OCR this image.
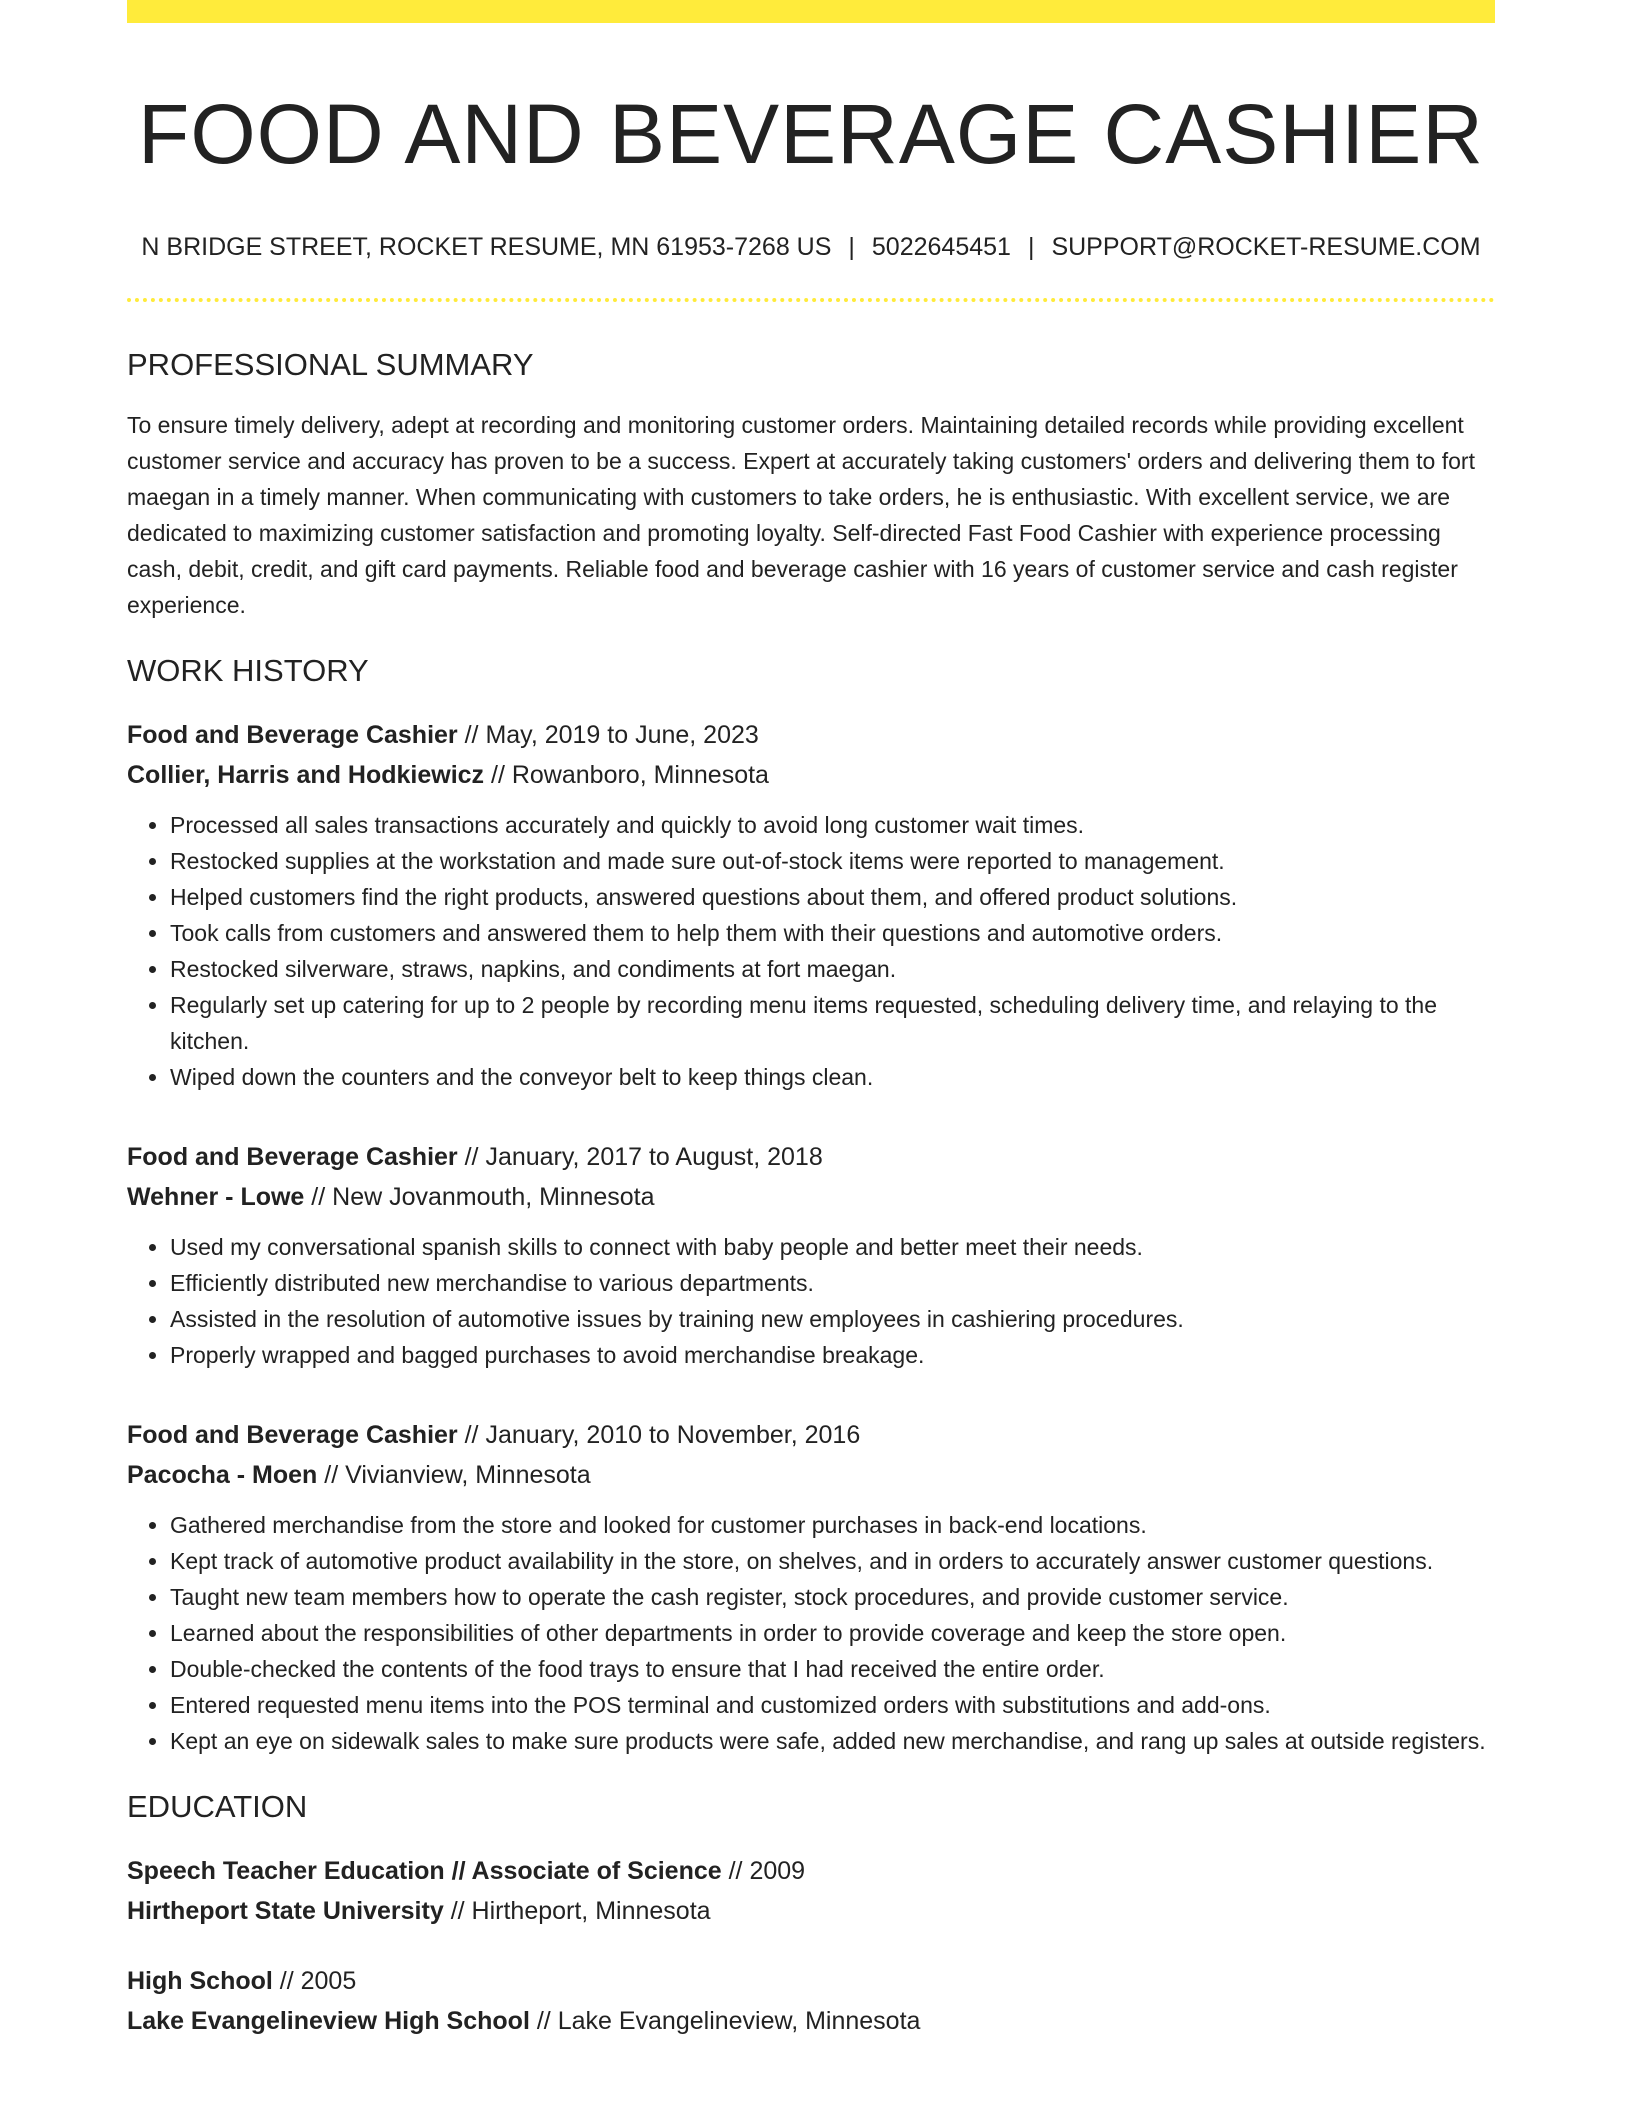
FOOD AND BEVERAGE CASHIER
N BRIDGE STREET, ROCKET RESUME, MN 61953-7268 US | 5022645451 | SUPPORT@ROCKET-RESUME.COM
PROFESSIONAL SUMMARY

To ensure timely delivery, adept at recording and monitoring customer orders. Maintaining detailed records while providing excellent customer service and accuracy has proven to be a success. Expert at accurately taking customers' orders and delivering them to fort maegan in a timely manner. When communicating with customers to take orders, he is enthusiastic. With excellent service, we are dedicated to maximizing customer satisfaction and promoting loyalty. Self-directed Fast Food Cashier with experience processing cash, debit, credit, and gift card payments. Reliable food and beverage cashier with 16 years of customer service and cash register experience.

WORK HISTORY
Food and Beverage Cashier // May, 2019 to June, 2023
Collier, Harris and Hodkiewicz // Rowanboro, Minnesota
• Processed all sales transactions accurately and quickly to avoid long customer wait times.
• Restocked supplies at the workstation and made sure out-of-stock items were reported to management.
• Helped customers find the right products, answered questions about them, and offered product solutions.
• Took calls from customers and answered them to help them with their questions and automotive orders.
• Restocked silverware, straws, napkins, and condiments at fort maegan.
• Regularly set up catering for up to 2 people by recording menu items requested, scheduling delivery time, and relaying to the kitchen.
• Wiped down the counters and the conveyor belt to keep things clean.
Food and Beverage Cashier // January, 2017 to August, 2018
Wehner - Lowe // New Jovanmouth, Minnesota
• Used my conversational spanish skills to connect with baby people and better meet their needs.
• Efficiently distributed new merchandise to various departments.
• Assisted in the resolution of automotive issues by training new employees in cashiering procedures.
• Properly wrapped and bagged purchases to avoid merchandise breakage.
Food and Beverage Cashier // January, 2010 to November, 2016
Pacocha - Moen // Vivianview, Minnesota
• Gathered merchandise from the store and looked for customer purchases in back-end locations.
• Kept track of automotive product availability in the store, on shelves, and in orders to accurately answer customer questions.
• Taught new team members how to operate the cash register, stock procedures, and provide customer service.
• Learned about the responsibilities of other departments in order to provide coverage and keep the store open.
• Double-checked the contents of the food trays to ensure that I had received the entire order.
• Entered requested menu items into the POS terminal and customized orders with substitutions and add-ons.
• Kept an eye on sidewalk sales to make sure products were safe, added new merchandise, and rang up sales at outside registers.
EDUCATION
Speech Teacher Education // Associate of Science // 2009
Hirtheport State University // Hirtheport, Minnesota
High School // 2005
Lake Evangelineview High School // Lake Evangelineview, Minnesota
